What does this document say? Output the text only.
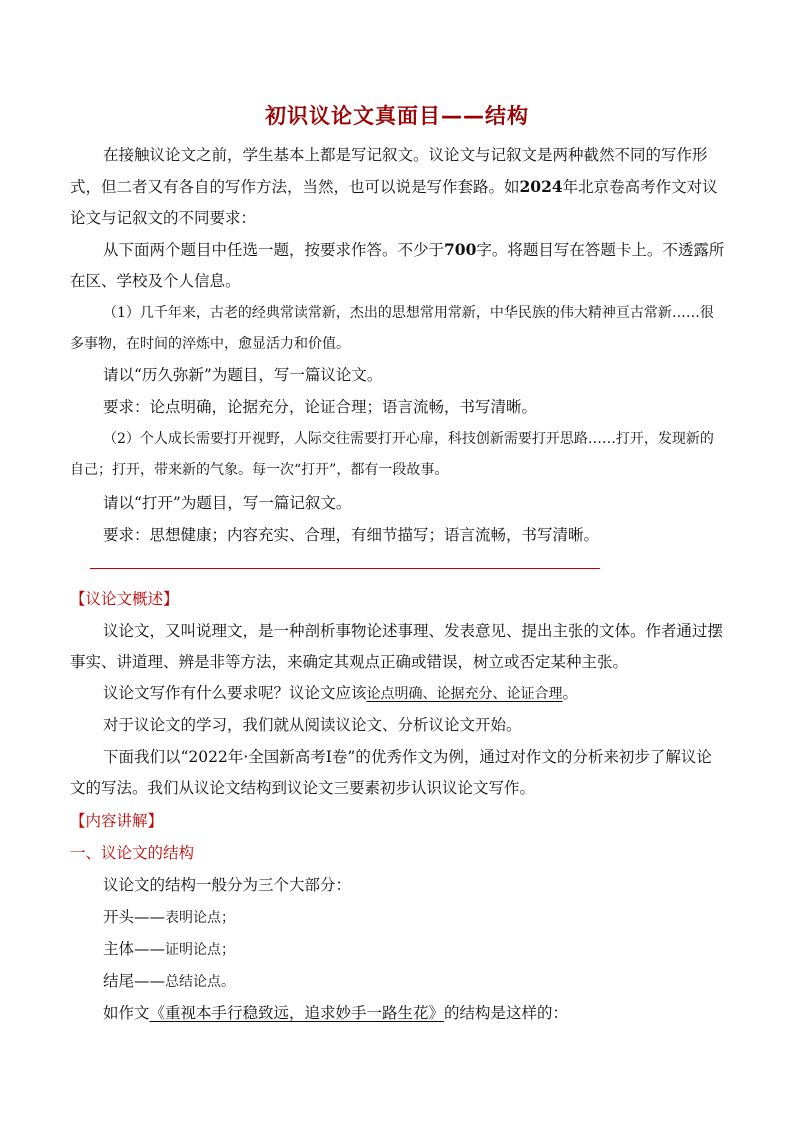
初识议论文真面目——结构

在接触议论文之前，学生基本上都是写记叙文。议论文与记叙文是两种截然不同的写作形式，但二者又有各自的写作方法，当然，也可以说是写作套路。如2024年北京卷高考作文对议论文与记叙文的不同要求：

从下面两个题目中任选一题，按要求作答。不少于700字。将题目写在答题卡上。不透露所在区、学校及个人信息。

（1）几千年来，古老的经典常读常新，杰出的思想常用常新，中华民族的伟大精神亘古常新……很多事物，在时间的淬炼中，愈显活力和价值。

请以“历久弥新”为题目，写一篇议论文。

要求：论点明确，论据充分，论证合理；语言流畅，书写清晰。

（2）个人成长需要打开视野，人际交往需要打开心扉，科技创新需要打开思路……打开，发现新的自己；打开，带来新的气象。每一次“打开”，都有一段故事。

请以“打开”为题目，写一篇记叙文。

要求：思想健康；内容充实、合理，有细节描写；语言流畅，书写清晰。

【议论文概述】

议论文，又叫说理文，是一种剖析事物论述事理、发表意见、提出主张的文体。作者通过摆事实、讲道理、辨是非等方法，来确定其观点正确或错误，树立或否定某种主张。

议论文写作有什么要求呢？议论文应该论点明确、论据充分、论证合理。

对于议论文的学习，我们就从阅读议论文、分析议论文开始。

下面我们以“2022年·全国新高考Ⅰ卷”的优秀作文为例，通过对作文的分析来初步了解议论文的写法。我们从议论文结构到议论文三要素初步认识议论文写作。

【内容讲解】

一、议论文的结构

议论文的结构一般分为三个大部分：

开头——表明论点；

主体——证明论点；

结尾——总结论点。

如作文《重视本手行稳致远，追求妙手一路生花》的结构是这样的：
